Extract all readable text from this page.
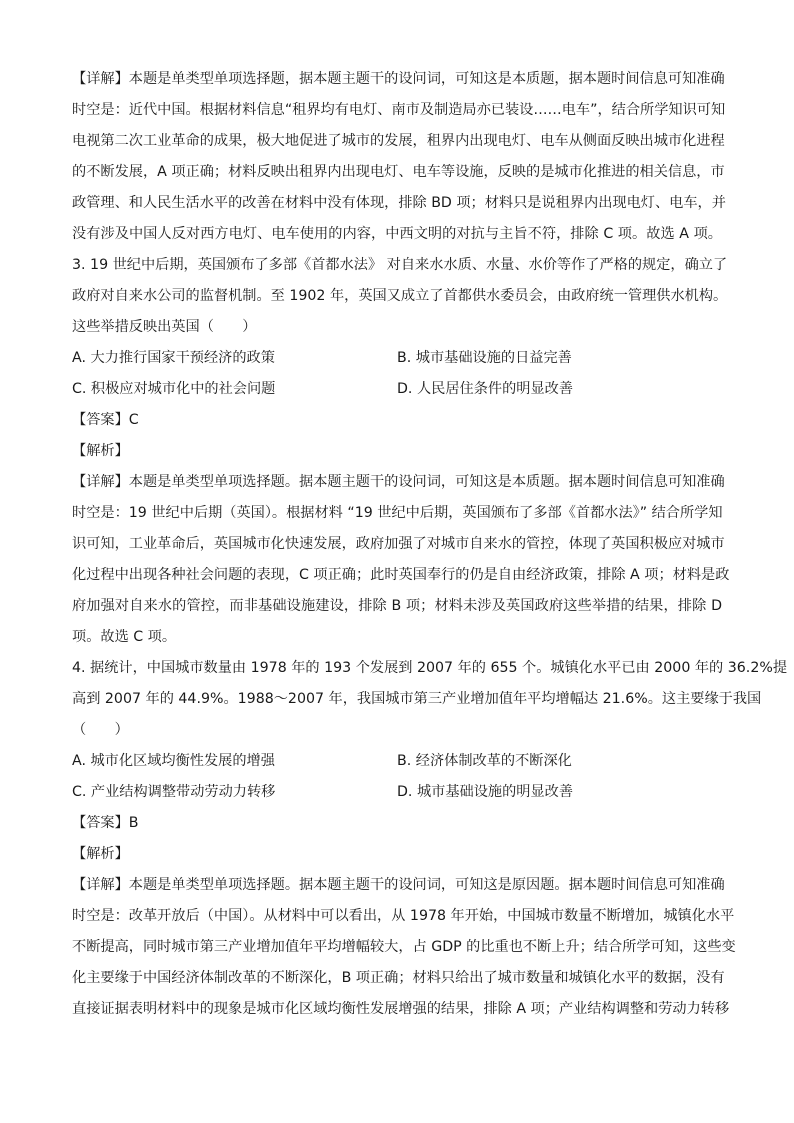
【详解】本题是单类型单项选择题，据本题主题干的设问词，可知这是本质题，据本题时间信息可知准确
时空是：近代中国。根据材料信息“租界均有电灯、南市及制造局亦已装设……电车”，结合所学知识可知
电视第二次工业革命的成果，极大地促进了城市的发展，租界内出现电灯、电车从侧面反映出城市化进程
的不断发展，A 项正确；材料反映出租界内出现电灯、电车等设施，反映的是城市化推进的相关信息，市
政管理、和人民生活水平的改善在材料中没有体现，排除 BD 项；材料只是说租界内出现电灯、电车，并
没有涉及中国人反对西方电灯、电车使用的内容，中西文明的对抗与主旨不符，排除 C 项。故选 A 项。
3. 19 世纪中后期，英国颁布了多部《首都水法》 对自来水水质、水量、水价等作了严格的规定，确立了
政府对自来水公司的监督机制。至 1902 年，英国又成立了首都供水委员会，由政府统一管理供水机构。
这些举措反映出英国（　　）
A. 大力推行国家干预经济的政策	B. 城市基础设施的日益完善
C. 积极应对城市化中的社会问题	D. 人民居住条件的明显改善
【答案】C
【解析】
【详解】本题是单类型单项选择题。据本题主题干的设问词，可知这是本质题。据本题时间信息可知准确
时空是：19 世纪中后期（英国）。根据材料 “19 世纪中后期，英国颁布了多部《首都水法》” 结合所学知
识可知，工业革命后，英国城市化快速发展，政府加强了对城市自来水的管控，体现了英国积极应对城市
化过程中出现各种社会问题的表现，C 项正确；此时英国奉行的仍是自由经济政策，排除 A 项；材料是政
府加强对自来水的管控，而非基础设施建设，排除 B 项；材料未涉及英国政府这些举措的结果，排除 D
项。故选 C 项。
4. 据统计，中国城市数量由 1978 年的 193 个发展到 2007 年的 655 个。城镇化水平已由 2000 年的 36.2%提
高到 2007 年的 44.9%。1988～2007 年，我国城市第三产业增加值年平均增幅达 21.6%。这主要缘于我国
（　　）
A. 城市化区域均衡性发展的增强	B. 经济体制改革的不断深化
C. 产业结构调整带动劳动力转移	D. 城市基础设施的明显改善
【答案】B
【解析】
【详解】本题是单类型单项选择题。据本题主题干的设问词，可知这是原因题。据本题时间信息可知准确
时空是：改革开放后（中国）。从材料中可以看出，从 1978 年开始，中国城市数量不断增加，城镇化水平
不断提高，同时城市第三产业增加值年平均增幅较大，占 GDP 的比重也不断上升；结合所学可知，这些变
化主要缘于中国经济体制改革的不断深化，B 项正确；材料只给出了城市数量和城镇化水平的数据，没有
直接证据表明材料中的现象是城市化区域均衡性发展增强的结果，排除 A 项；产业结构调整和劳动力转移
